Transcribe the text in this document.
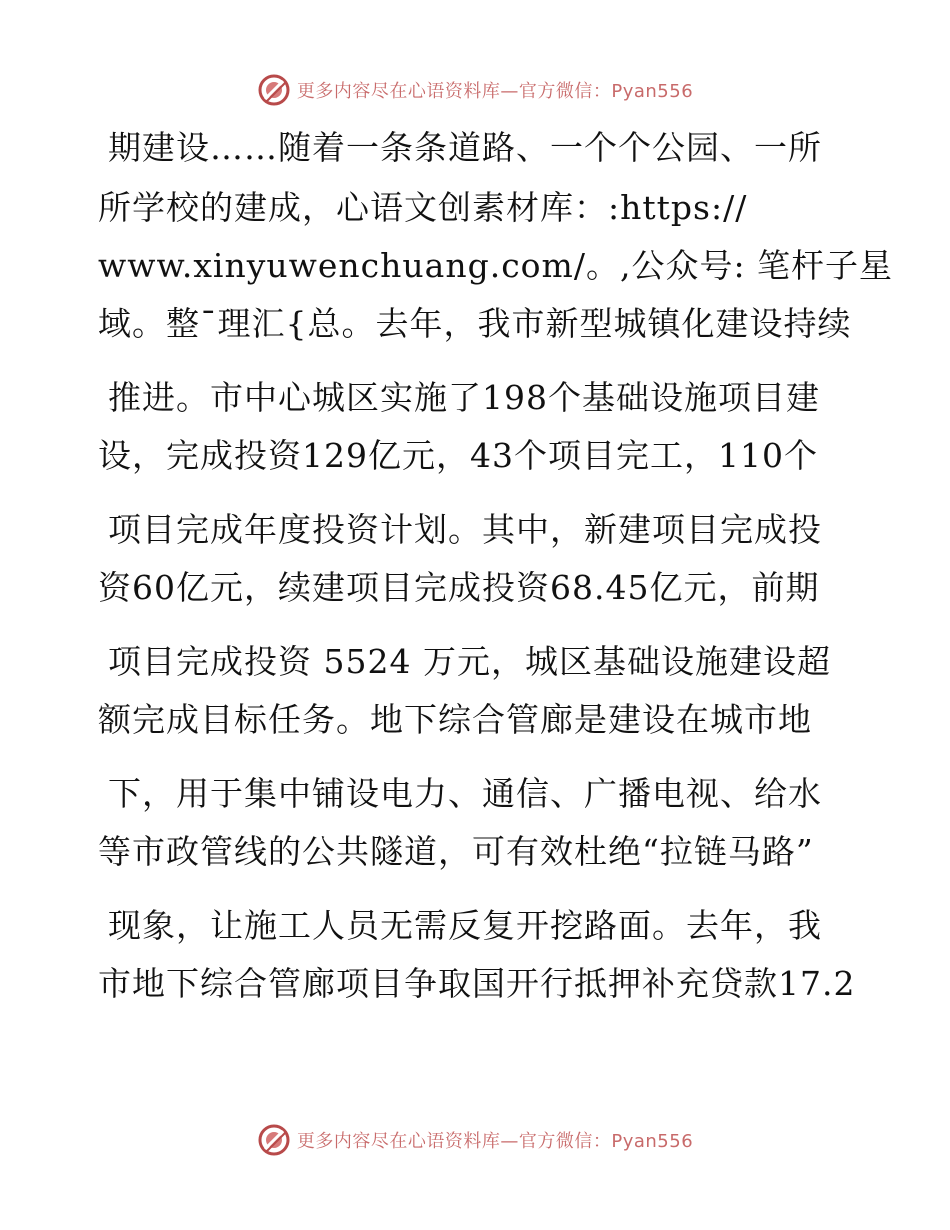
更多内容尽在心语资料库—官方微信：Pyan556
期建设……随着一条条道路、一个个公园、一所
所学校的建成，心语文创素材库：:https://
www.xinyuwenchuang.com/。,公众号: 笔杆子星
域。整¯理汇{总。去年，我市新型城镇化建设持续
推进。市中心城区实施了198个基础设施项目建
设，完成投资129亿元，43个项目完工，110个
项目完成年度投资计划。其中，新建项目完成投
资60亿元，续建项目完成投资68.45亿元，前期
项目完成投资 5524 万元，城区基础设施建设超
额完成目标任务。地下综合管廊是建设在城市地
下，用于集中铺设电力、通信、广播电视、给水
等市政管线的公共隧道，可有效杜绝“拉链马路”
现象，让施工人员无需反复开挖路面。去年，我
市地下综合管廊项目争取国开行抵押补充贷款17.2
更多内容尽在心语资料库—官方微信：Pyan556
